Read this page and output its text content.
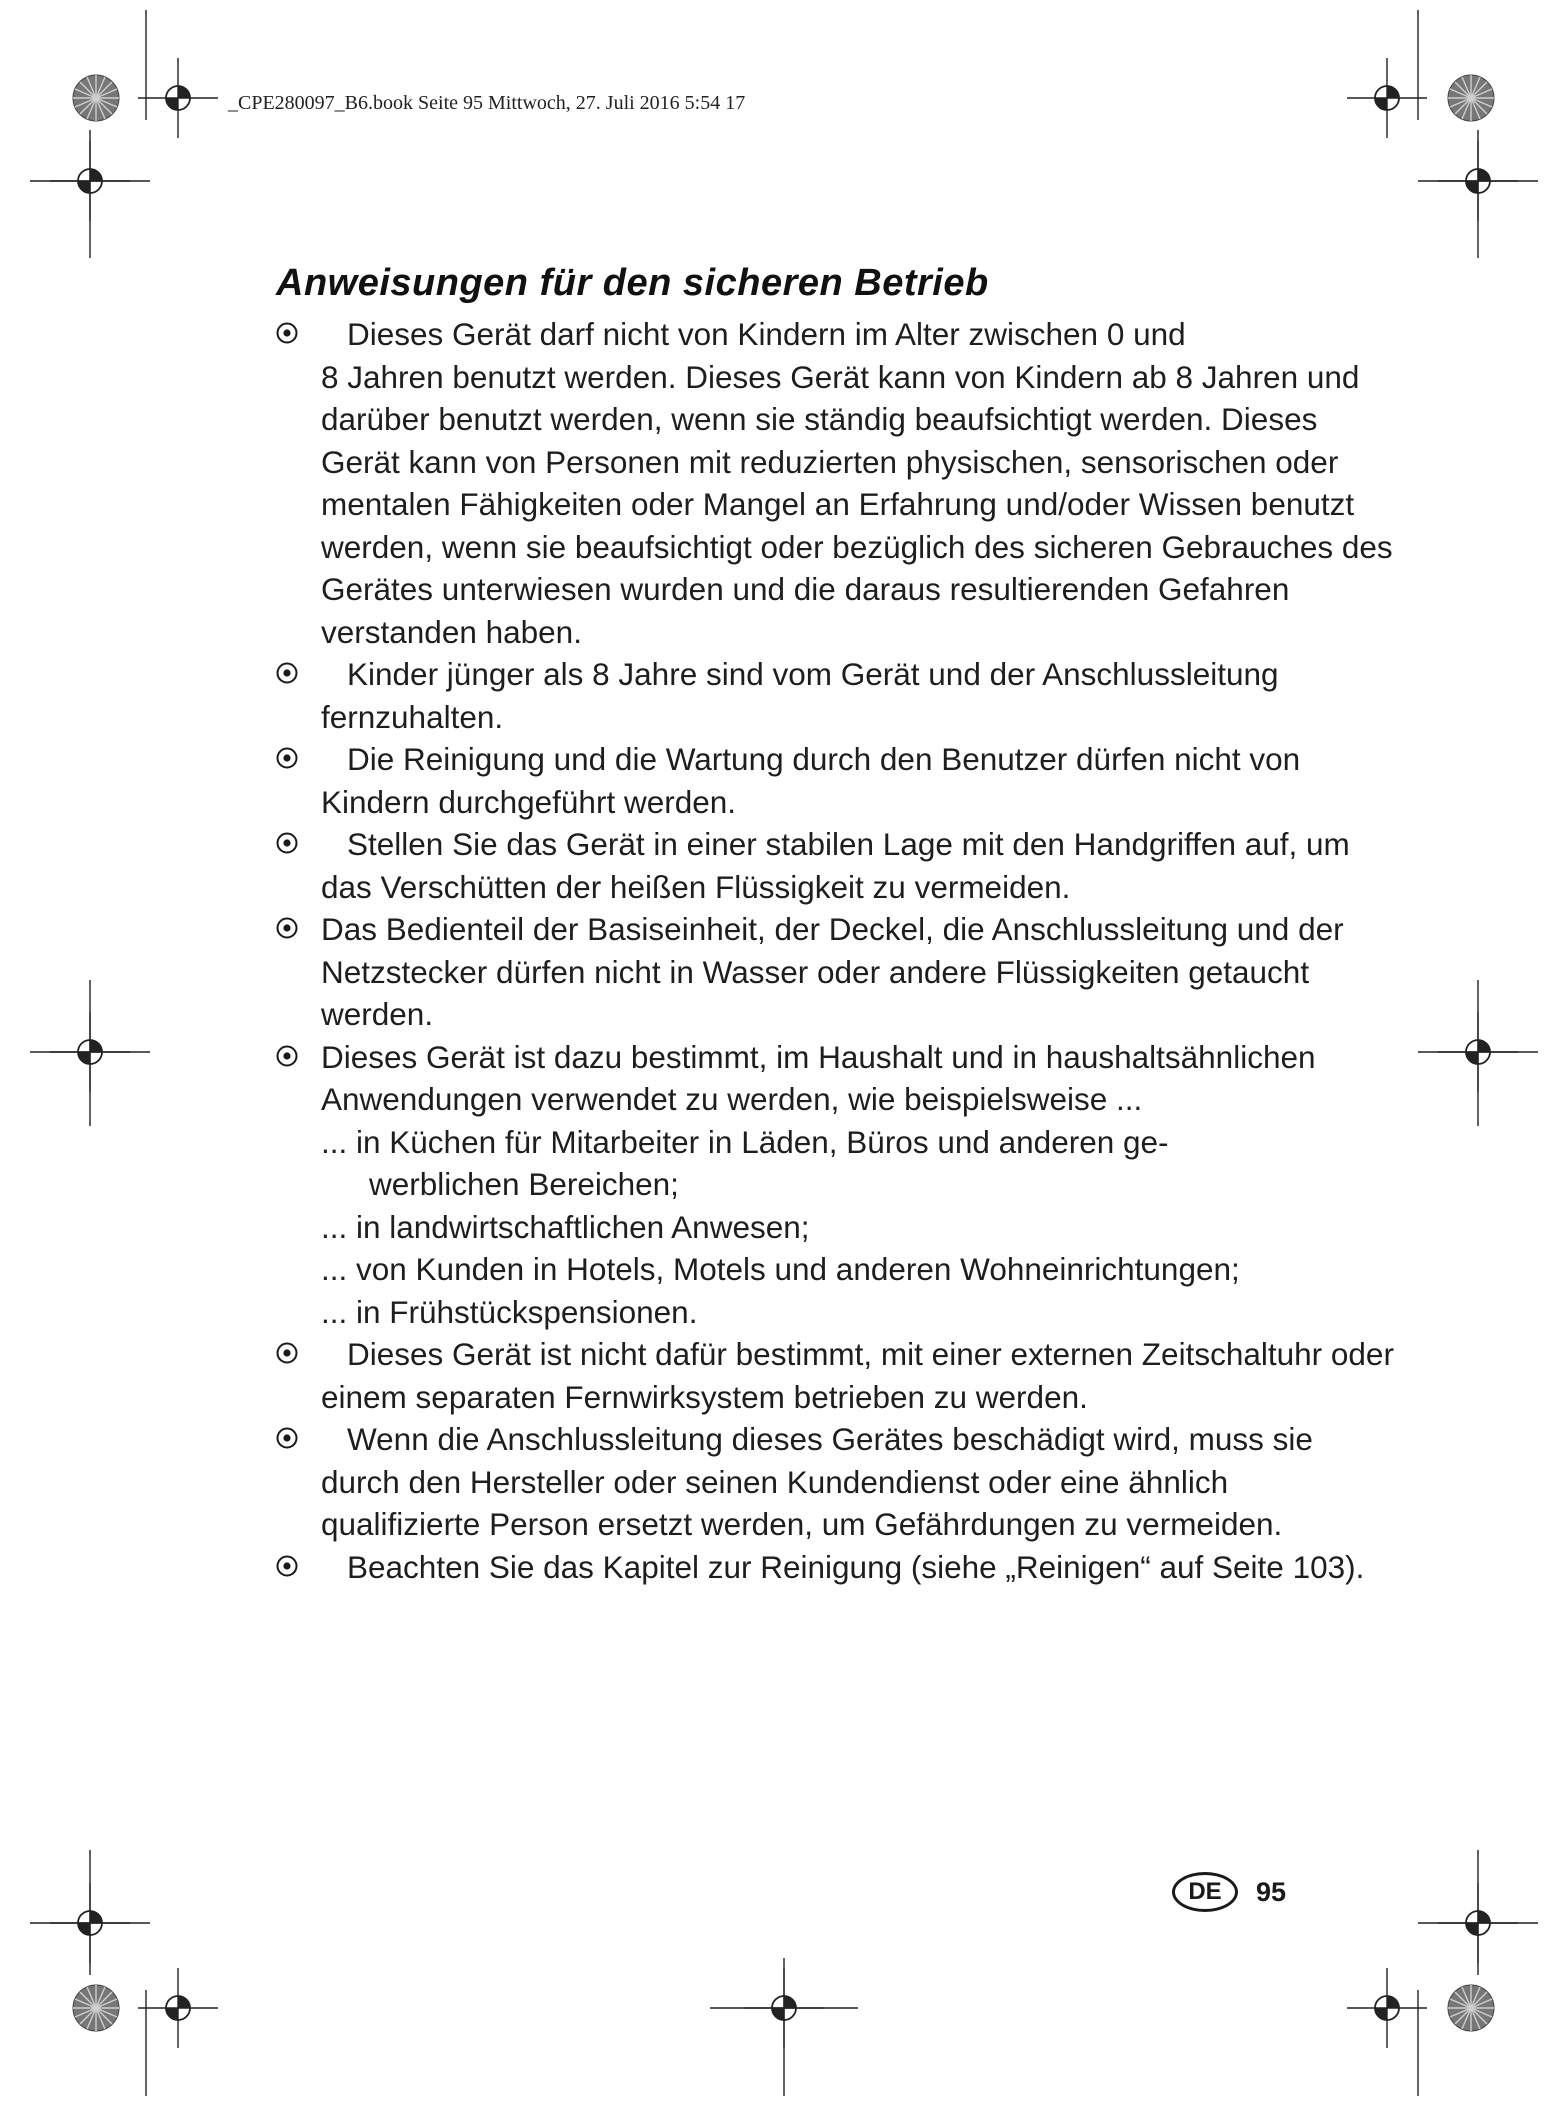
_CPE280097_B6.book Seite 95 Mittwoch, 27. Juli 2016 5:54 17
Anweisungen für den sicheren Betrieb
Dieses Gerät darf nicht von Kindern im Alter zwischen 0 und
8 Jahren benutzt werden. Dieses Gerät kann von Kindern ab 8 Jahren und darüber benutzt werden, wenn sie ständig beaufsichtigt werden. Dieses Gerät kann von Personen mit reduzierten physischen, sensorischen oder mentalen Fähigkeiten oder Mangel an Erfahrung und/oder Wissen benutzt werden, wenn sie beaufsichtigt oder bezüglich des sicheren Gebrauches des Gerätes unterwiesen wurden und die daraus resultierenden Gefahren verstanden haben.
Kinder jünger als 8 Jahre sind vom Gerät und der Anschlussleitung fernzuhalten.
Die Reinigung und die Wartung durch den Benutzer dürfen nicht von Kindern durchgeführt werden.
Stellen Sie das Gerät in einer stabilen Lage mit den Handgriffen auf, um das Verschütten der heißen Flüssigkeit zu vermeiden.
Das Bedienteil der Basiseinheit, der Deckel, die Anschlussleitung und der Netzstecker dürfen nicht in Wasser oder andere Flüssigkeiten getaucht werden.
Dieses Gerät ist dazu bestimmt, im Haushalt und in haushaltsähnlichen Anwendungen verwendet zu werden, wie beispielsweise ...
... in Küchen für Mitarbeiter in Läden, Büros und anderen ge-
werblichen Bereichen;
... in landwirtschaftlichen Anwesen;
... von Kunden in Hotels, Motels und anderen Wohneinrichtungen;
... in Frühstückspensionen.
Dieses Gerät ist nicht dafür bestimmt, mit einer externen Zeitschaltuhr oder einem separaten Fernwirksystem betrieben zu werden.
Wenn die Anschlussleitung dieses Gerätes beschädigt wird, muss sie durch den Hersteller oder seinen Kundendienst oder eine ähnlich qualifizierte Person ersetzt werden, um Gefährdungen zu vermeiden.
Beachten Sie das Kapitel zur Reinigung (siehe „Reinigen“ auf Seite 103).
DE	95
